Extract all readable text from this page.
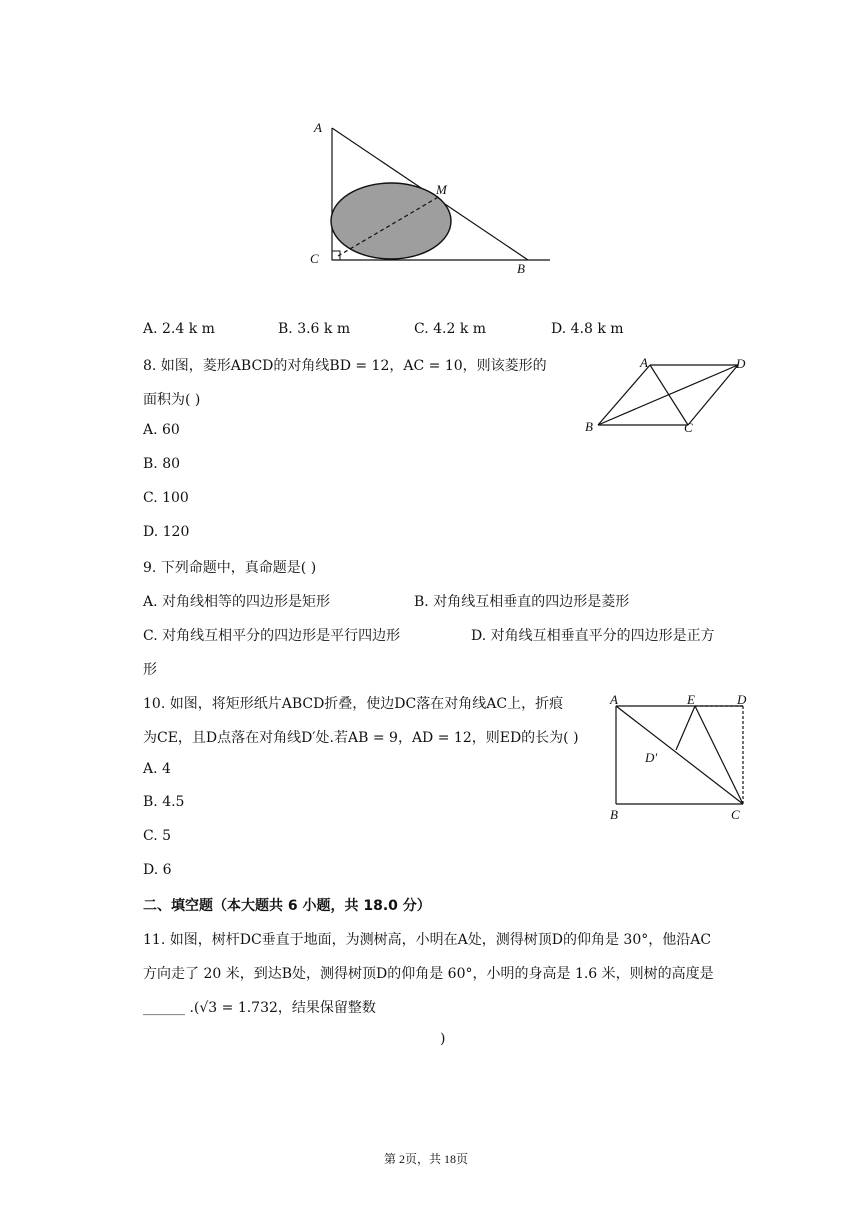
A
M
C
B
A. 2.4 k m	B. 3.6 k m	C. 4.2 k m	D. 4.8 k m
8. 如图，菱形ABCD的对角线BD = 12，AC = 10，则该菱形的
面积为( )
A. 60
B. 80
C. 100
D. 120
A	D
B	C
9. 下列命题中，真命题是( )
A. 对角线相等的四边形是矩形	B. 对角线互相垂直的四边形是菱形
C. 对角线互相平分的四边形是平行四边形	D. 对角线互相垂直平分的四边形是正方
形
10. 如图，将矩形纸片ABCD折叠，使边DC落在对角线AC上，折痕
为CE，且D点落在对角线D′处.若AB = 9，AD = 12，则ED的长为( )
A. 4
B. 4.5
C. 5
D. 6
A	E	D
D′
B	C
二、填空题（本大题共 6 小题，共 18.0 分）
11. 如图，树杆DC垂直于地面，为测树高，小明在A处，测得树顶D的仰角是 30°，他沿AC
方向走了 20 米，到达B处，测得树顶D的仰角是 60°，小明的身高是 1.6 米，则树的高度是
______ .(√3 = 1.732，结果保留整数
)
第 2页，共 18页
